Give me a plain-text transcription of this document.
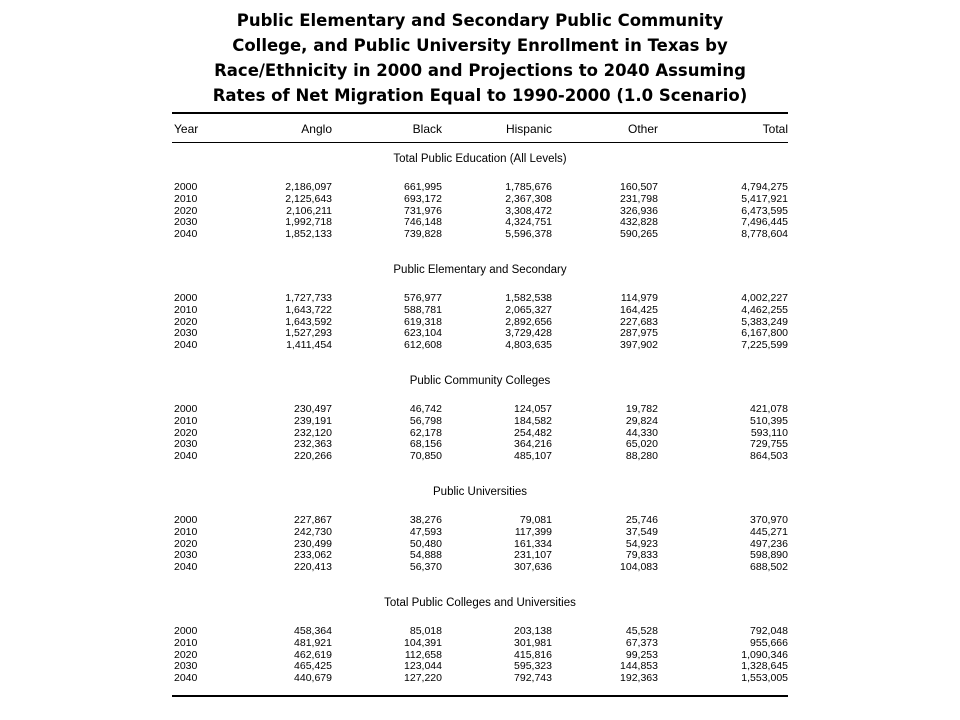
Public Elementary and Secondary Public Community
College, and Public University Enrollment in Texas by
Race/Ethnicity in 2000 and Projections to 2040 Assuming
Rates of Net Migration Equal to 1990-2000 (1.0 Scenario)
Year	Anglo	Black	Hispanic	Other	Total
Total Public Education (All Levels)
2000	2,186,097	661,995	1,785,676	160,507	4,794,275
2010	2,125,643	693,172	2,367,308	231,798	5,417,921
2020	2,106,211	731,976	3,308,472	326,936	6,473,595
2030	1,992,718	746,148	4,324,751	432,828	7,496,445
2040	1,852,133	739,828	5,596,378	590,265	8,778,604
Public Elementary and Secondary
2000	1,727,733	576,977	1,582,538	114,979	4,002,227
2010	1,643,722	588,781	2,065,327	164,425	4,462,255
2020	1,643,592	619,318	2,892,656	227,683	5,383,249
2030	1,527,293	623,104	3,729,428	287,975	6,167,800
2040	1,411,454	612,608	4,803,635	397,902	7,225,599
Public Community Colleges
2000	230,497	46,742	124,057	19,782	421,078
2010	239,191	56,798	184,582	29,824	510,395
2020	232,120	62,178	254,482	44,330	593,110
2030	232,363	68,156	364,216	65,020	729,755
2040	220,266	70,850	485,107	88,280	864,503
Public Universities
2000	227,867	38,276	79,081	25,746	370,970
2010	242,730	47,593	117,399	37,549	445,271
2020	230,499	50,480	161,334	54,923	497,236
2030	233,062	54,888	231,107	79,833	598,890
2040	220,413	56,370	307,636	104,083	688,502
Total Public Colleges and Universities
2000	458,364	85,018	203,138	45,528	792,048
2010	481,921	104,391	301,981	67,373	955,666
2020	462,619	112,658	415,816	99,253	1,090,346
2030	465,425	123,044	595,323	144,853	1,328,645
2040	440,679	127,220	792,743	192,363	1,553,005
